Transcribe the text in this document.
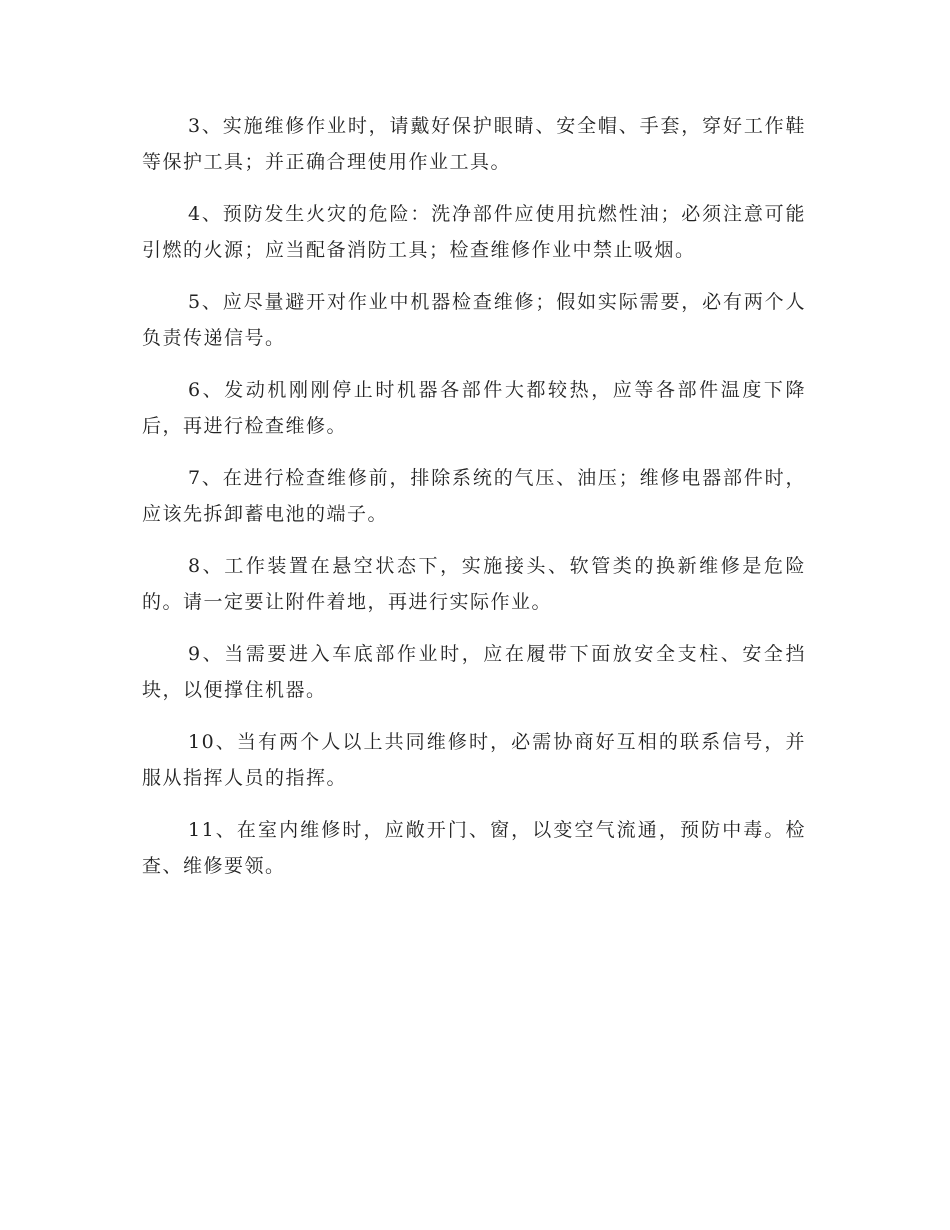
3、实施维修作业时，请戴好保护眼睛、安全帽、手套，穿好工作鞋等保护工具；并正确合理使用作业工具。

4、预防发生火灾的危险：洗净部件应使用抗燃性油；必须注意可能引燃的火源；应当配备消防工具；检查维修作业中禁止吸烟。

5、应尽量避开对作业中机器检查维修；假如实际需要，必有两个人负责传递信号。

6、发动机刚刚停止时机器各部件大都较热，应等各部件温度下降后，再进行检查维修。

7、在进行检查维修前，排除系统的气压、油压；维修电器部件时，应该先拆卸蓄电池的端子。

8、工作装置在悬空状态下，实施接头、软管类的换新维修是危险的。请一定要让附件着地，再进行实际作业。

9、当需要进入车底部作业时，应在履带下面放安全支柱、安全挡块，以便撑住机器。

10、当有两个人以上共同维修时，必需协商好互相的联系信号，并服从指挥人员的指挥。

11、在室内维修时，应敞开门、窗，以变空气流通，预防中毒。检查、维修要领。
